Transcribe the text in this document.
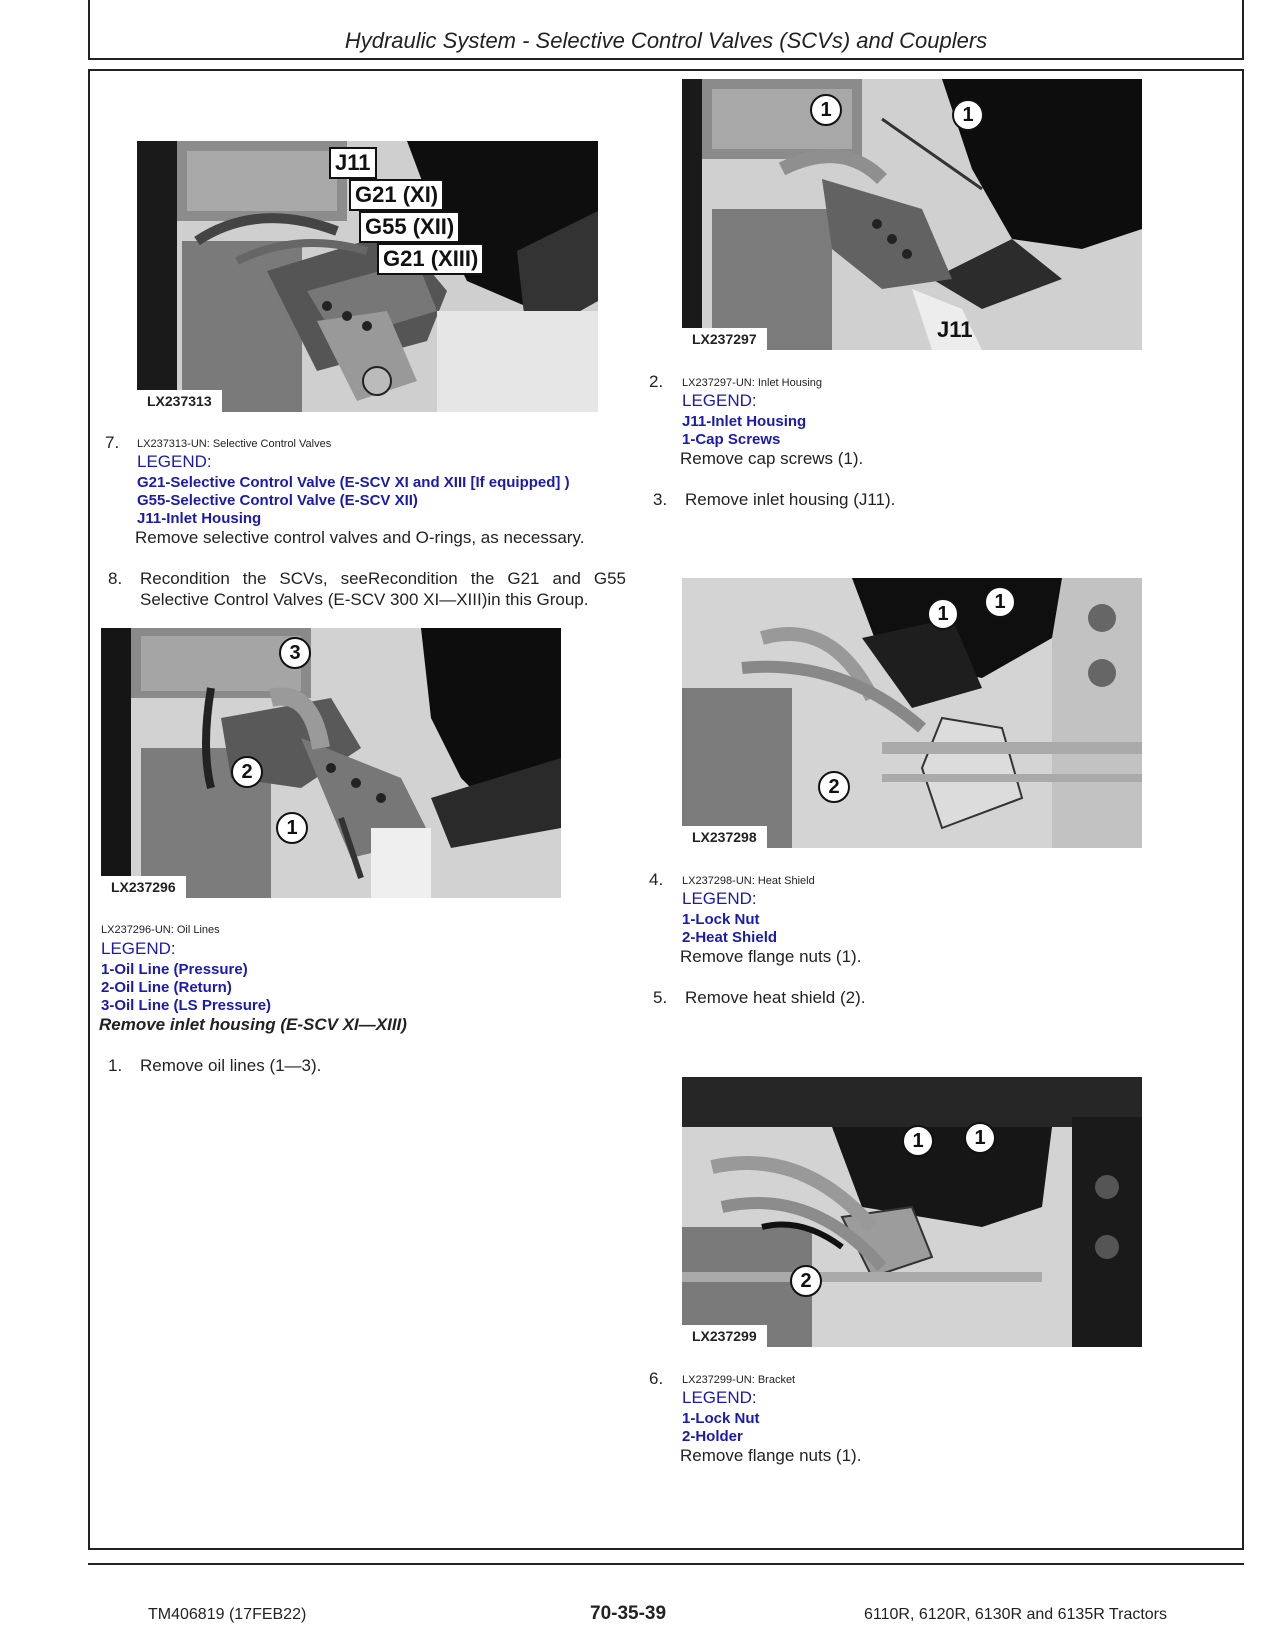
Hydraulic System - Selective Control Valves (SCVs) and Couplers
J11
G21 (XI)
G55 (XII)
G21 (XIII)
LX237313
7. LX237313-UN: Selective Control Valves
LEGEND:
G21-Selective Control Valve (E-SCV XI and XIII [If equipped] )
G55-Selective Control Valve (E-SCV XII)
J11-Inlet Housing
Remove selective control valves and O-rings, as necessary.
8. Recondition the SCVs, seeRecondition the G21 and G55
Selective Control Valves (E-SCV 300 XI—XIII)in this Group.
3
2
1
LX237296
LX237296-UN: Oil Lines
LEGEND:
1-Oil Line (Pressure)
2-Oil Line (Return)
3-Oil Line (LS Pressure)
Remove inlet housing (E-SCV XI—XIII)
1. Remove oil lines (1—3).
1	1
J11
LX237297
2. LX237297-UN: Inlet Housing
LEGEND:
J11-Inlet Housing
1-Cap Screws
Remove cap screws (1).
3. Remove inlet housing (J11).
1
1
2
LX237298
4. LX237298-UN: Heat Shield
LEGEND:
1-Lock Nut
2-Heat Shield
Remove flange nuts (1).
5. Remove heat shield (2).
1	1
2
LX237299
6. LX237299-UN: Bracket
LEGEND:
1-Lock Nut
2-Holder
Remove flange nuts (1).
TM406819 (17FEB22)	70-35-39	6110R, 6120R, 6130R and 6135R Tractors
